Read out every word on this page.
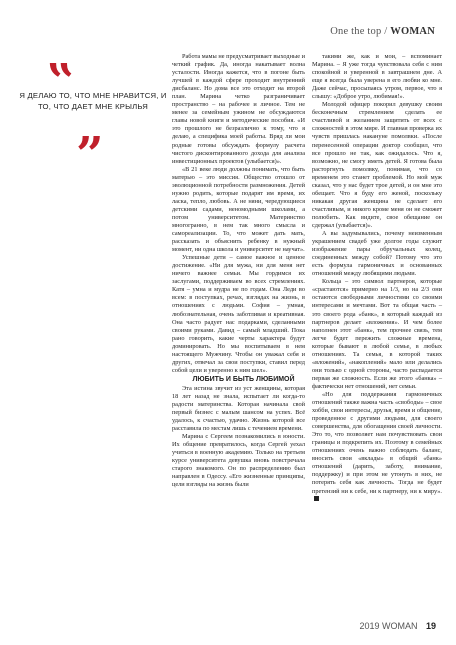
One the top / WOMAN
”
Я ДЕЛАЮ ТО, ЧТО МНЕ НРАВИТСЯ, И ТО, ЧТО ДАЕТ МНЕ КРЫЛЬЯ
”

Работа мамы не предусматривает выходные и четкий график. Да, иногда накатывает волна усталости. Иногда кажется, что в погоне быть лучшей в каждой сфере проходит внутренний дисбаланс. Но дома все это отходит на второй план. Марина четко разграничивает пространство – на рабочее и личное. Тем не менее за семейным ужином не обсуждаются главы новой книги и методические пособия. «И это прошлого не безразлично к тому, что я делаю, а специфика моей работы. Вряд ли мои родные готовы обсуждать формулу расчета чистого дисконтированного дохода для анализа инвестиционных проектов (улыбается)».

«В 21 веке люди должны понимать, что быть матерью – это миссия. Общество отошло от эволюционной потребности размножения. Детей нужно родить, которые подарят им время, их ласка, тепло, любовь. А не няни, чередующиеся детскими садами, неномодными школами, а потом университетом. Материнство многогранно, в нем так много смысла и самореализации. То, что может дать мать, рассказать и объяснить ребенку в нужный момент, ни одна школа и университет не научат».

Успешные дети – самое важное и ценное достижение. «Ни для мужа, ни для меня нет ничего важнее семьи. Мы гордимся их заслугами, поддерживаем во всех стремлениях. Катя – умна и мудра не по годам. Она Леди во всем: в поступках, речах, взглядах на жизнь, в отношениях с людьми. София – умная, любознательная, очень заботливая и креативная. Она часто радует нас подарками, сделанными своими руками. Давид – самый младший. Пока рано говорить, какие черты характера будут доминировать. Но мы воспитываем в нем настоящего Мужчину. Чтобы он уважал себя и других, отвечал за свои поступки, ставил перед собой цели и уверенно к ним шел».

ЛЮБИТЬ И БЫТЬ ЛЮБИМОЙ

Эта истина звучит из уст женщины, которая 18 лет назад не знала, испытает ли когда-то радости материнства. Которая начинала свой первый бизнес с малым шансом на успех. Всё удалось, к счастью, удачно. Жизнь которой все расставила по местам лишь с течением времени.

Марина с Сергеем познакомились в юности. Их общение превратилось, когда Сергей уехал учиться в военную академию. Только на третьем курсе университета девушка вновь повстречала старого знакомого. Он по распределению был направлен в Одессу. «Его жизненные принципы, цели взгляды на жизнь были

такими же, как и мои, – вспоминает Марина. – Я уже тогда чувствовала себя с ним спокойной и уверенной в завтрашнем дне. А еще я всегда была уверена в его любви ко мне. Даже сейчас, просыпаясь утром, первое, что я слышу: «Доброе утро, любимая!».

Молодой офицер покорил девушку своим бесконечным стремлением сделать ее счастливой и желанием защитить от всех с сложностей в этом мире. И главная проверка их чувств пришлась накануне помолвки. «После перенесенной операции доктор сообщил, что все прошло не так, как ожидалось. Что я, возможно, не смогу иметь детей. Я готова была расторгнуть помолвку, понимая, что со временем это станет проблемой. Но мой муж сказал, что у нас будет трое детей, и он мне это обещает. Что я буду его женой, поскольку никакая другая женщина не сделает его счастливым, и никого кроме меня он не сможет полюбить. Как видите, свое обещание он сдержал (улыбается)».

А вы задумывались, почему неизменным украшением свадеб уже долгое годы служит изображение пары обручальных колец, соединенных между собой? Потому что это есть формула гармоничных и основанных отношений между любящими людьми.

Кольца – это символ партнеров, которые «срастаются» примерно на 1/3, но на 2/3 они остаются свободными личностями со своими интересами и мечтами. Вот та общая часть – это своего рода «банк», в который каждый из партнеров делает «вложения». И чем более наполнен этот «банк», тем прочнее связь, тем легче будет пережить сложные времена, которые бывают в любой семье, в любых отношениях. Та семья, в которой таких «вложений», «накоплений» мало или делались они только с одной стороны, часто распадается первая же сложность. Если же этого «банка» – фактически нет отношений, нет семьи.

«Но для поддержания гармоничных отношений также важна часть «свободы» – свое хобби, свои интересы, друзья, время и общение, проведенное с другими людьми, для своего совершенства, для обогащения своей личности. Это то, что позволяет нам почувствовать свои границы и подкрепить их. Поэтому в семейных отношениях очень важно соблюдать баланс, вносить свои «вклады» в общий «банк» отношений (дарить, заботу, внимание, поддержку) и при этом не утонуть в них, не потерять себя как личность. Тогда не будет претензий ни к себе, ни к партнеру, ни к миру».

2019 WOMAN 19
